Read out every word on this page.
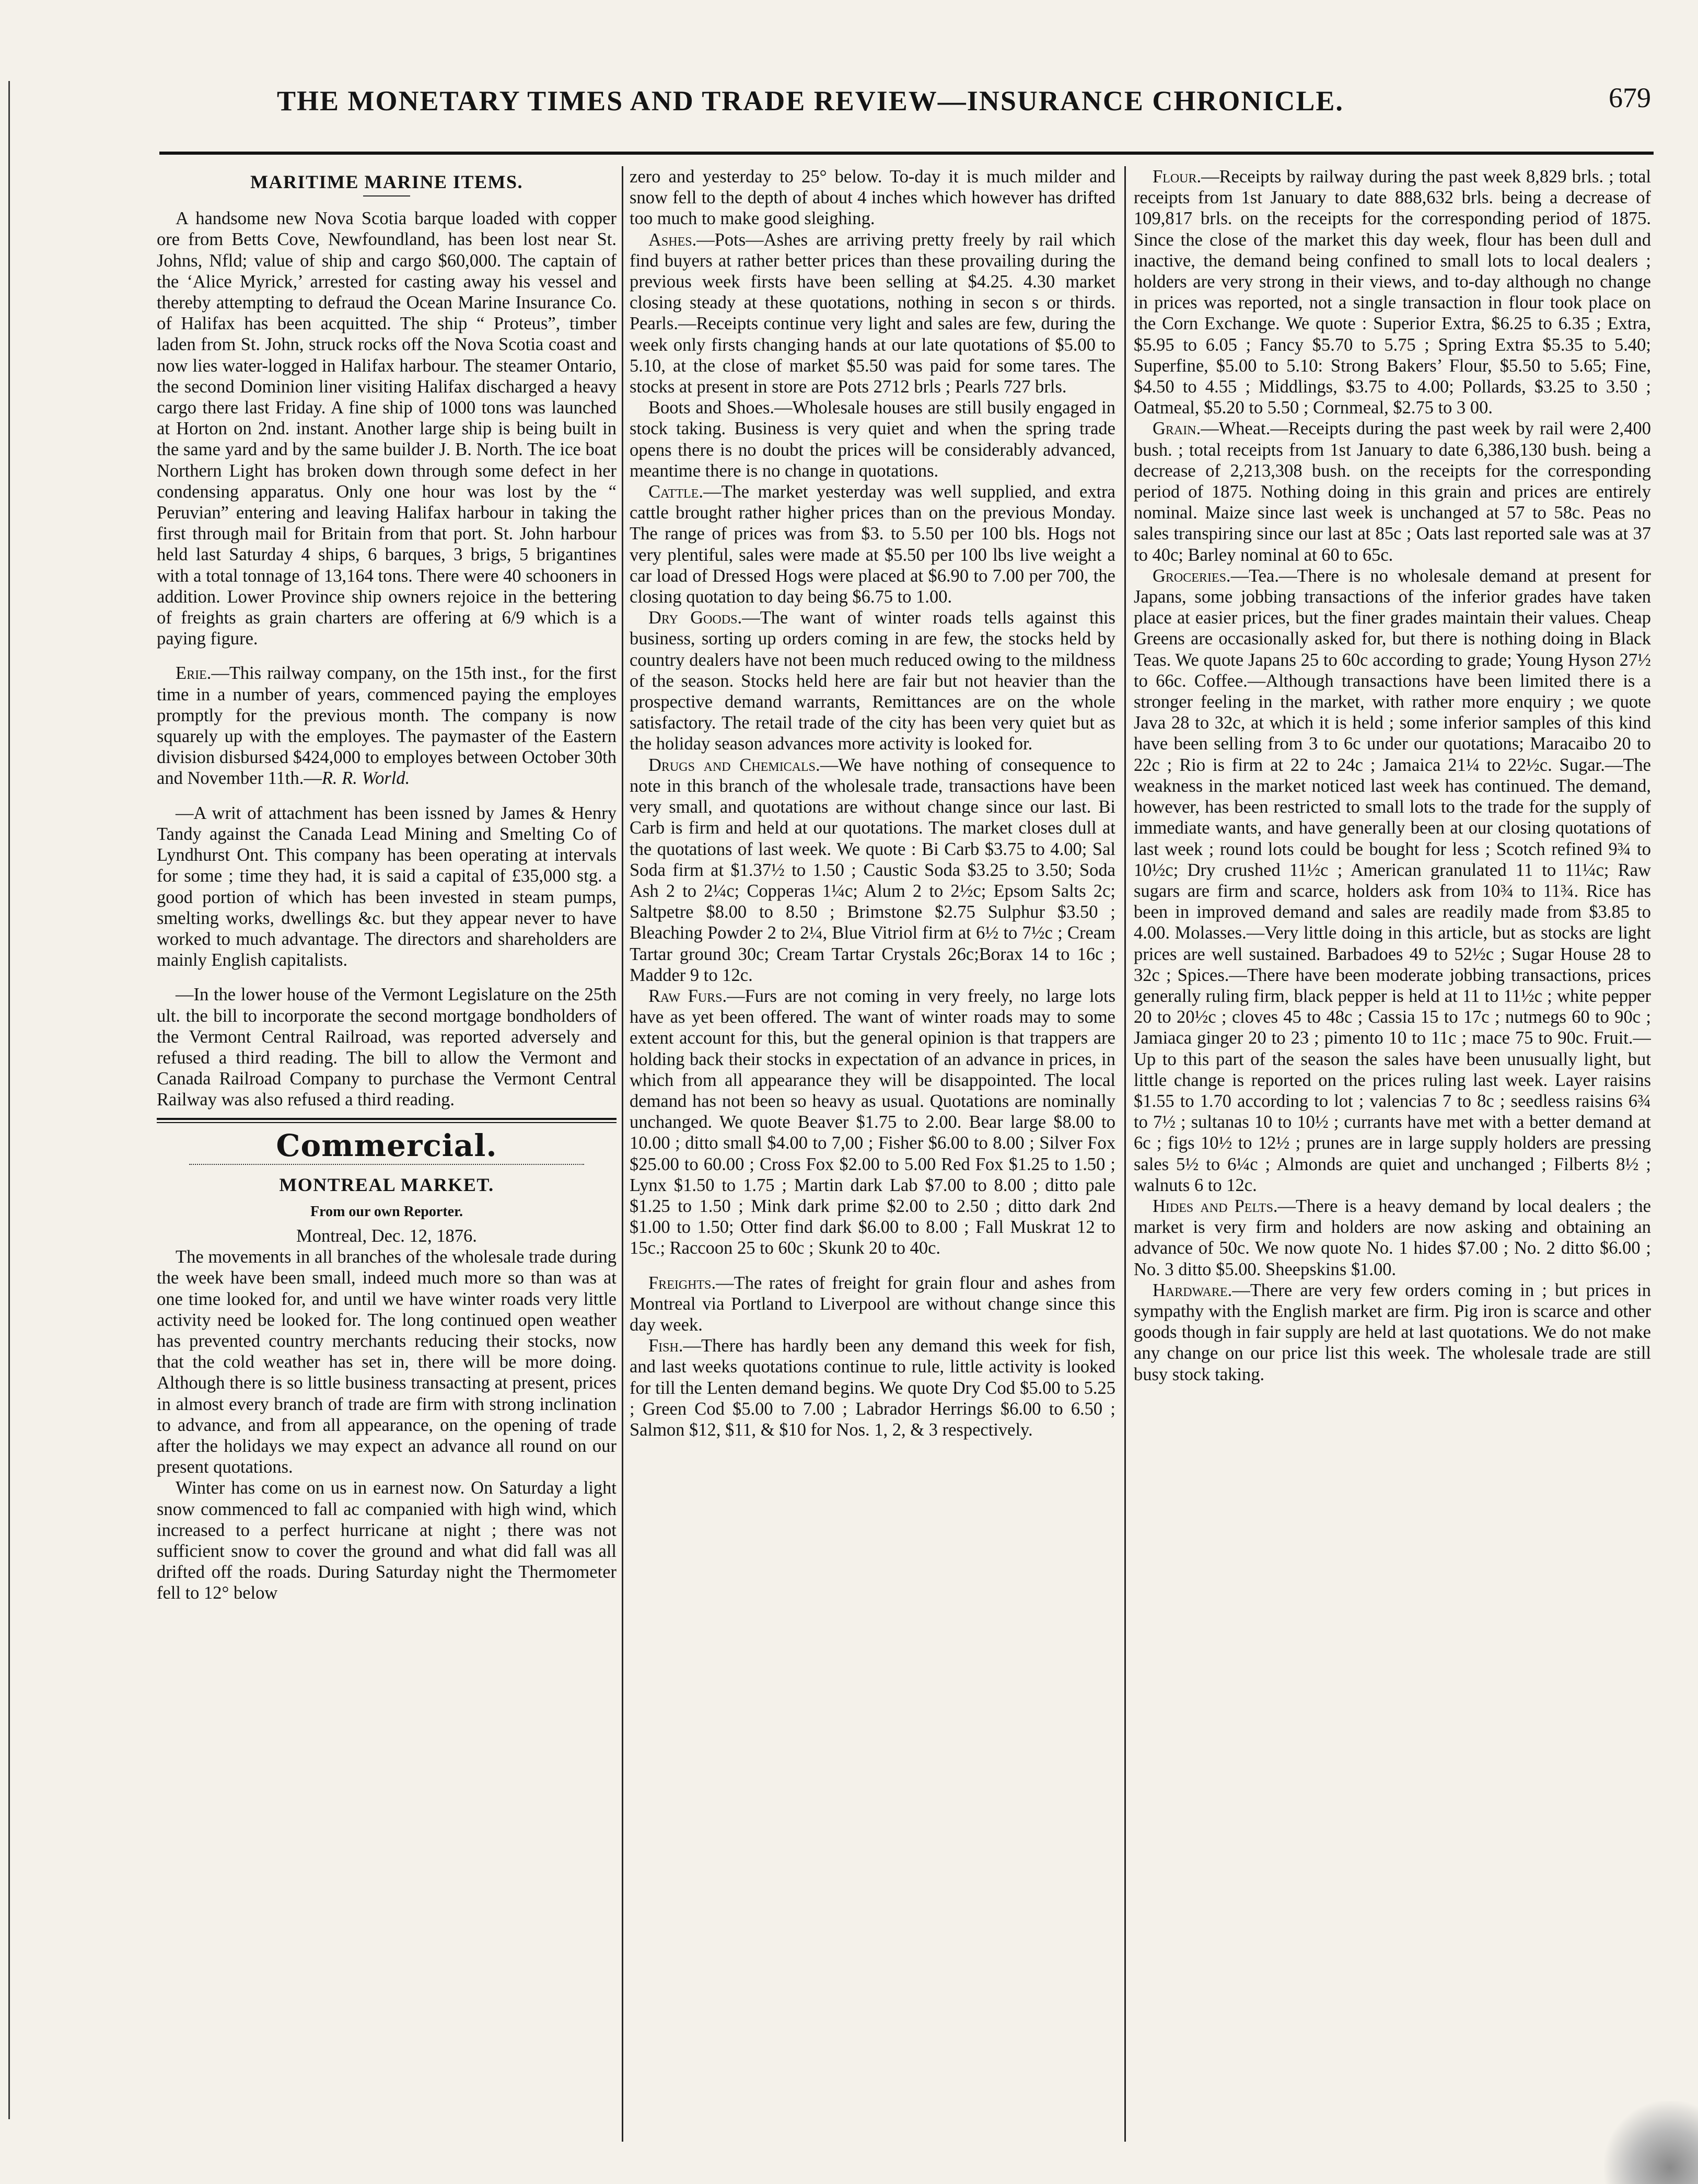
THE MONETARY TIMES AND TRADE REVIEW—INSURANCE CHRONICLE.	679
MARITIME MARINE ITEMS.

A handsome new Nova Scotia barque loaded with copper ore from Betts Cove, Newfoundland, has been lost near St. Johns, Nfld; value of ship and cargo $60,000. The captain of the ‘Alice Myrick,’ arrested for casting away his vessel and thereby attempting to defraud the Ocean Marine Insurance Co. of Halifax has been acquitted. The ship “ Proteus”, timber laden from St. John, struck rocks off the Nova Scotia coast and now lies water-logged in Halifax harbour. The steamer Ontario, the second Dominion liner visiting Halifax discharged a heavy cargo there last Friday. A fine ship of 1000 tons was launched at Horton on 2nd. instant. Another large ship is being built in the same yard and by the same builder J. B. North. The ice boat Northern Light has broken down through some defect in her condensing apparatus. Only one hour was lost by the “ Peruvian” entering and leaving Halifax harbour in taking the first through mail for Britain from that port. St. John harbour held last Saturday 4 ships, 6 barques, 3 brigs, 5 brigantines with a total tonnage of 13,164 tons. There were 40 schooners in addition. Lower Province ship owners rejoice in the bettering of freights as grain charters are offering at 6/9 which is a paying figure.

Erie.—This railway company, on the 15th inst., for the first time in a number of years, commenced paying the employes promptly for the previous month. The company is now squarely up with the employes. The paymaster of the Eastern division disbursed $424,000 to employes between October 30th and November 11th.—R. R. World.

—A writ of attachment has been issned by James & Henry Tandy against the Canada Lead Mining and Smelting Co of Lyndhurst Ont. This company has been operating at intervals for some ; time they had, it is said a capital of £35,000 stg. a good portion of which has been invested in steam pumps, smelting works, dwellings &c. but they appear never to have worked to much advantage. The directors and shareholders are mainly English capitalists.

—In the lower house of the Vermont Legislature on the 25th ult. the bill to incorporate the second mortgage bondholders of the Vermont Central Railroad, was reported adversely and refused a third reading. The bill to allow the Vermont and Canada Railroad Company to purchase the Vermont Central Railway was also refused a third reading.

Commercial.
MONTREAL MARKET.
From our own Reporter.

Montreal, Dec. 12, 1876.

The movements in all branches of the wholesale trade during the week have been small, indeed much more so than was at one time looked for, and until we have winter roads very little activity need be looked for. The long continued open weather has prevented country merchants reducing their stocks, now that the cold weather has set in, there will be more doing. Although there is so little business transacting at present, prices in almost every branch of trade are firm with strong inclination to advance, and from all appearance, on the opening of trade after the holidays we may expect an advance all round on our present quotations.

Winter has come on us in earnest now. On Saturday a light snow commenced to fall ac companied with high wind, which increased to a perfect hurricane at night ; there was not sufficient snow to cover the ground and what did fall was all drifted off the roads. During Saturday night the Thermometer fell to 12° below

zero and yesterday to 25° below. To-day it is much milder and snow fell to the depth of about 4 inches which however has drifted too much to make good sleighing.

Ashes.—Pots—Ashes are arriving pretty freely by rail which find buyers at rather better prices than these provailing during the previous week firsts have been selling at $4.25. 4.30 market closing steady at these quotations, nothing in secon s or thirds. Pearls.—Receipts continue very light and sales are few, during the week only firsts changing hands at our late quotations of $5.00 to 5.10, at the close of market $5.50 was paid for some tares. The stocks at present in store are Pots 2712 brls ; Pearls 727 brls.

Boots and Shoes.—Wholesale houses are still busily engaged in stock taking. Business is very quiet and when the spring trade opens there is no doubt the prices will be considerably advanced, meantime there is no change in quotations.

Cattle.—The market yesterday was well supplied, and extra cattle brought rather higher prices than on the previous Monday. The range of prices was from $3. to 5.50 per 100 bls. Hogs not very plentiful, sales were made at $5.50 per 100 lbs live weight a car load of Dressed Hogs were placed at $6.90 to 7.00 per 700, the closing quotation to day being $6.75 to 1.00.

Dry Goods.—The want of winter roads tells against this business, sorting up orders coming in are few, the stocks held by country dealers have not been much reduced owing to the mildness of the season. Stocks held here are fair but not heavier than the prospective demand warrants, Remittances are on the whole satisfactory. The retail trade of the city has been very quiet but as the holiday season advances more activity is looked for.

Drugs and Chemicals.—We have nothing of consequence to note in this branch of the wholesale trade, transactions have been very small, and quotations are without change since our last. Bi Carb is firm and held at our quotations. The market closes dull at the quotations of last week. We quote : Bi Carb $3.75 to 4.00; Sal Soda firm at $1.37½ to 1.50 ; Caustic Soda $3.25 to 3.50; Soda Ash 2 to 2¼c; Copperas 1¼c; Alum 2 to 2½c; Epsom Salts 2c; Saltpetre $8.00 to 8.50 ; Brimstone $2.75 Sulphur $3.50 ; Bleaching Powder 2 to 2¼, Blue Vitriol firm at 6½ to 7½c ; Cream Tartar ground 30c; Cream Tartar Crystals 26c;Borax 14 to 16c ; Madder 9 to 12c.

Raw Furs.—Furs are not coming in very freely, no large lots have as yet been offered. The want of winter roads may to some extent account for this, but the general opinion is that trappers are holding back their stocks in expectation of an advance in prices, in which from all appearance they will be disappointed. The local demand has not been so heavy as usual. Quotations are nominally unchanged. We quote Beaver $1.75 to 2.00. Bear large $8.00 to 10.00 ; ditto small $4.00 to 7,00 ; Fisher $6.00 to 8.00 ; Silver Fox $25.00 to 60.00 ; Cross Fox $2.00 to 5.00 Red Fox $1.25 to 1.50 ; Lynx $1.50 to 1.75 ; Martin dark Lab $7.00 to 8.00 ; ditto pale $1.25 to 1.50 ; Mink dark prime $2.00 to 2.50 ; ditto dark 2nd $1.00 to 1.50; Otter find dark $6.00 to 8.00 ; Fall Muskrat 12 to 15c.; Raccoon 25 to 60c ; Skunk 20 to 40c.

Freights.—The rates of freight for grain flour and ashes from Montreal via Portland to Liverpool are without change since this day week.

Fish.—There has hardly been any demand this week for fish, and last weeks quotations continue to rule, little activity is looked for till the Lenten demand begins. We quote Dry Cod $5.00 to 5.25 ; Green Cod $5.00 to 7.00 ; Labrador Herrings $6.00 to 6.50 ; Salmon $12, $11, & $10 for Nos. 1, 2, & 3 respectively.

Flour.—Receipts by railway during the past week 8,829 brls. ; total receipts from 1st January to date 888,632 brls. being a decrease of 109,817 brls. on the receipts for the corresponding period of 1875. Since the close of the market this day week, flour has been dull and inactive, the demand being confined to small lots to local dealers ; holders are very strong in their views, and to-day although no change in prices was reported, not a single transaction in flour took place on the Corn Exchange. We quote : Superior Extra, $6.25 to 6.35 ; Extra, $5.95 to 6.05 ; Fancy $5.70 to 5.75 ; Spring Extra $5.35 to 5.40; Superfine, $5.00 to 5.10: Strong Bakers’ Flour, $5.50 to 5.65; Fine, $4.50 to 4.55 ; Middlings, $3.75 to 4.00; Pollards, $3.25 to 3.50 ; Oatmeal, $5.20 to 5.50 ; Cornmeal, $2.75 to 3 00.

Grain.—Wheat.—Receipts during the past week by rail were 2,400 bush. ; total receipts from 1st January to date 6,386,130 bush. being a decrease of 2,213,308 bush. on the receipts for the corresponding period of 1875. Nothing doing in this grain and prices are entirely nominal. Maize since last week is unchanged at 57 to 58c. Peas no sales transpiring since our last at 85c ; Oats last reported sale was at 37 to 40c; Barley nominal at 60 to 65c.

Groceries.—Tea.—There is no wholesale demand at present for Japans, some jobbing transactions of the inferior grades have taken place at easier prices, but the finer grades maintain their values. Cheap Greens are occasionally asked for, but there is nothing doing in Black Teas. We quote Japans 25 to 60c according to grade; Young Hyson 27½ to 66c. Coffee.—Although transactions have been limited there is a stronger feeling in the market, with rather more enquiry ; we quote Java 28 to 32c, at which it is held ; some inferior samples of this kind have been selling from 3 to 6c under our quotations; Maracaibo 20 to 22c ; Rio is firm at 22 to 24c ; Jamaica 21¼ to 22½c. Sugar.—The weakness in the market noticed last week has continued. The demand, however, has been restricted to small lots to the trade for the supply of immediate wants, and have generally been at our closing quotations of last week ; round lots could be bought for less ; Scotch refined 9¾ to 10½c; Dry crushed 11½c ; American granulated 11 to 11¼c; Raw sugars are firm and scarce, holders ask from 10¾ to 11¾. Rice has been in improved demand and sales are readily made from $3.85 to 4.00. Molasses.—Very little doing in this article, but as stocks are light prices are well sustained. Barbadoes 49 to 52½c ; Sugar House 28 to 32c ; Spices.—There have been moderate jobbing transactions, prices generally ruling firm, black pepper is held at 11 to 11½c ; white pepper 20 to 20½c ; cloves 45 to 48c ; Cassia 15 to 17c ; nutmegs 60 to 90c ; Jamiaca ginger 20 to 23 ; pimento 10 to 11c ; mace 75 to 90c. Fruit.—Up to this part of the season the sales have been unusually light, but little change is reported on the prices ruling last week. Layer raisins $1.55 to 1.70 according to lot ; valencias 7 to 8c ; seedless raisins 6¾ to 7½ ; sultanas 10 to 10½ ; currants have met with a better demand at 6c ; figs 10½ to 12½ ; prunes are in large supply holders are pressing sales 5½ to 6¼c ; Almonds are quiet and unchanged ; Filberts 8½ ; walnuts 6 to 12c.

Hides and Pelts.—There is a heavy demand by local dealers ; the market is very firm and holders are now asking and obtaining an advance of 50c. We now quote No. 1 hides $7.00 ; No. 2 ditto $6.00 ; No. 3 ditto $5.00. Sheepskins $1.00.

Hardware.—There are very few orders coming in ; but prices in sympathy with the English market are firm. Pig iron is scarce and other goods though in fair supply are held at last quotations. We do not make any change on our price list this week. The wholesale trade are still busy stock taking.
